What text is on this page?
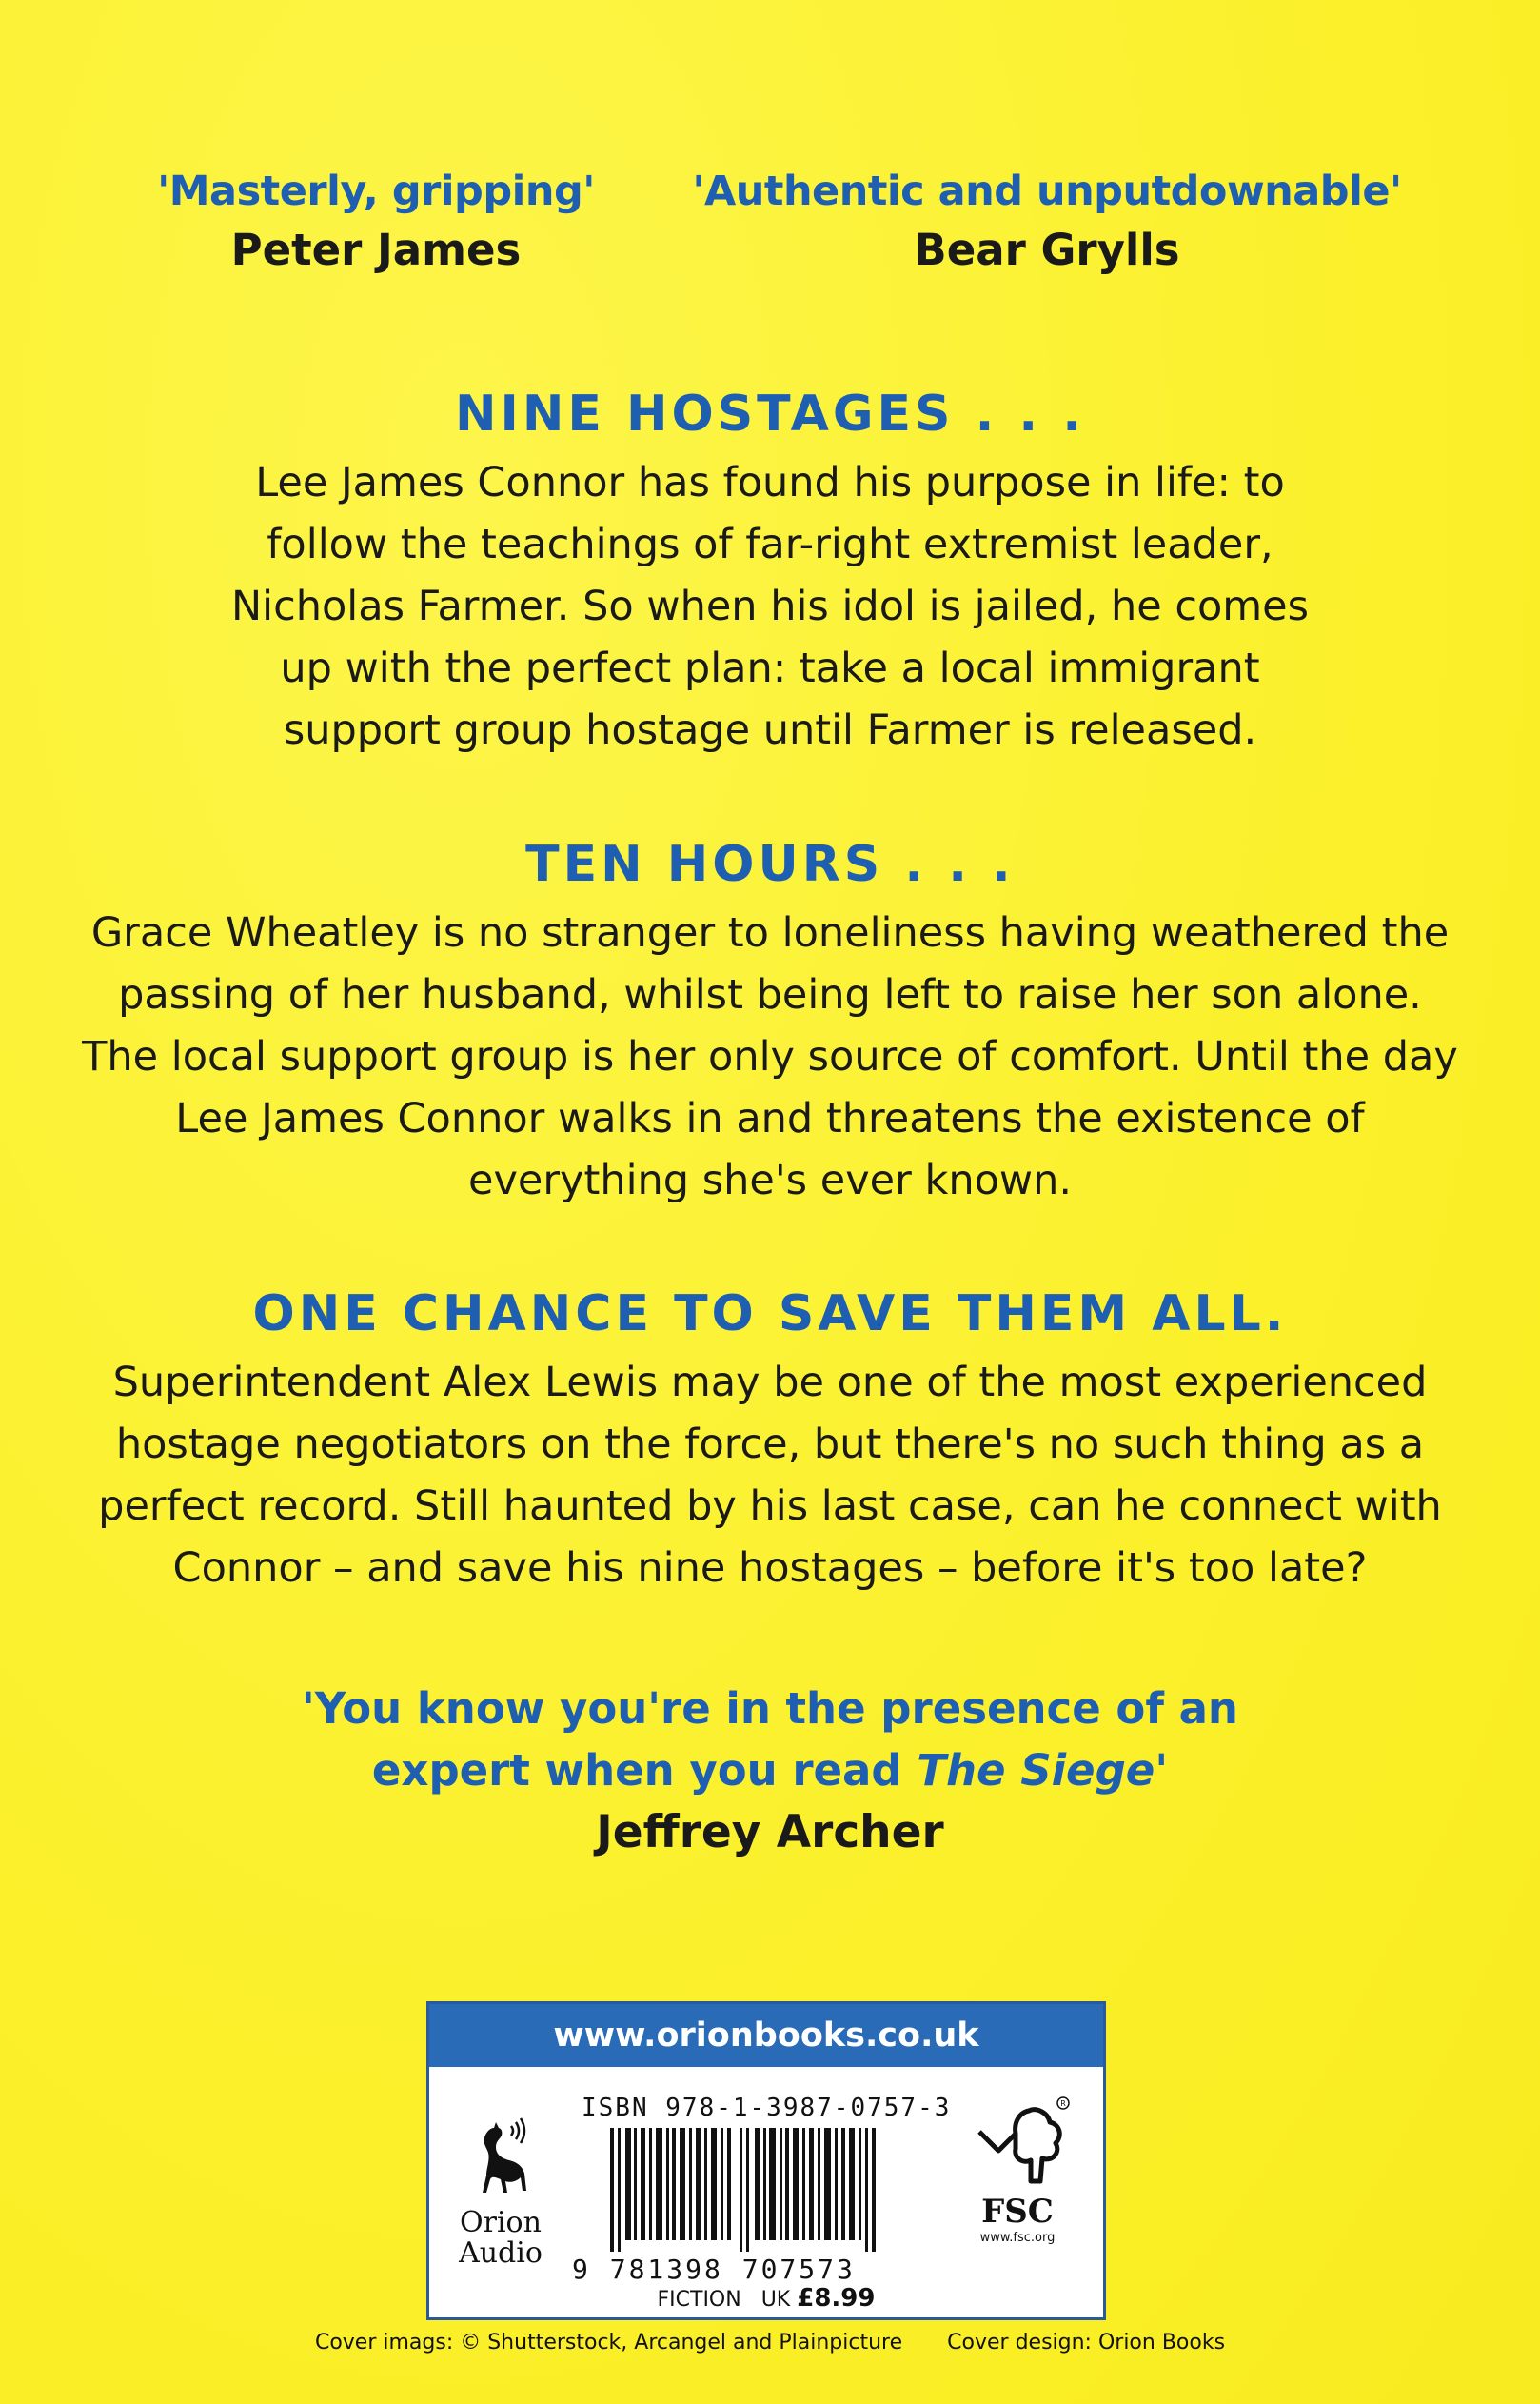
'Masterly, gripping'
Peter James
'Authentic and unputdownable'
Bear Grylls
NINE HOSTAGES . . .

Lee James Connor has found his purpose in life: to follow the teachings of far-right extremist leader, Nicholas Farmer. So when his idol is jailed, he comes up with the perfect plan: take a local immigrant support group hostage until Farmer is released.

TEN HOURS . . .

Grace Wheatley is no stranger to loneliness having weathered the passing of her husband, whilst being left to raise her son alone. The local support group is her only source of comfort. Until the day Lee James Connor walks in and threatens the existence of everything she's ever known.

ONE CHANCE TO SAVE THEM ALL.

Superintendent Alex Lewis may be one of the most experienced hostage negotiators on the force, but there's no such thing as a perfect record. Still haunted by his last case, can he connect with Connor – and save his nine hostages – before it's too late?

'You know you're in the presence of an expert when you read The Siege'
Jeffrey Archer
www.orionbooks.co.uk
Orion
Audio
ISBN 978-1-3987-0757-3
9 781398 707573
R
FSC
www.fsc.org
FICTION UK £8.99
Cover imags: © Shutterstock, Arcangel and Plainpicture Cover design: Orion Books
